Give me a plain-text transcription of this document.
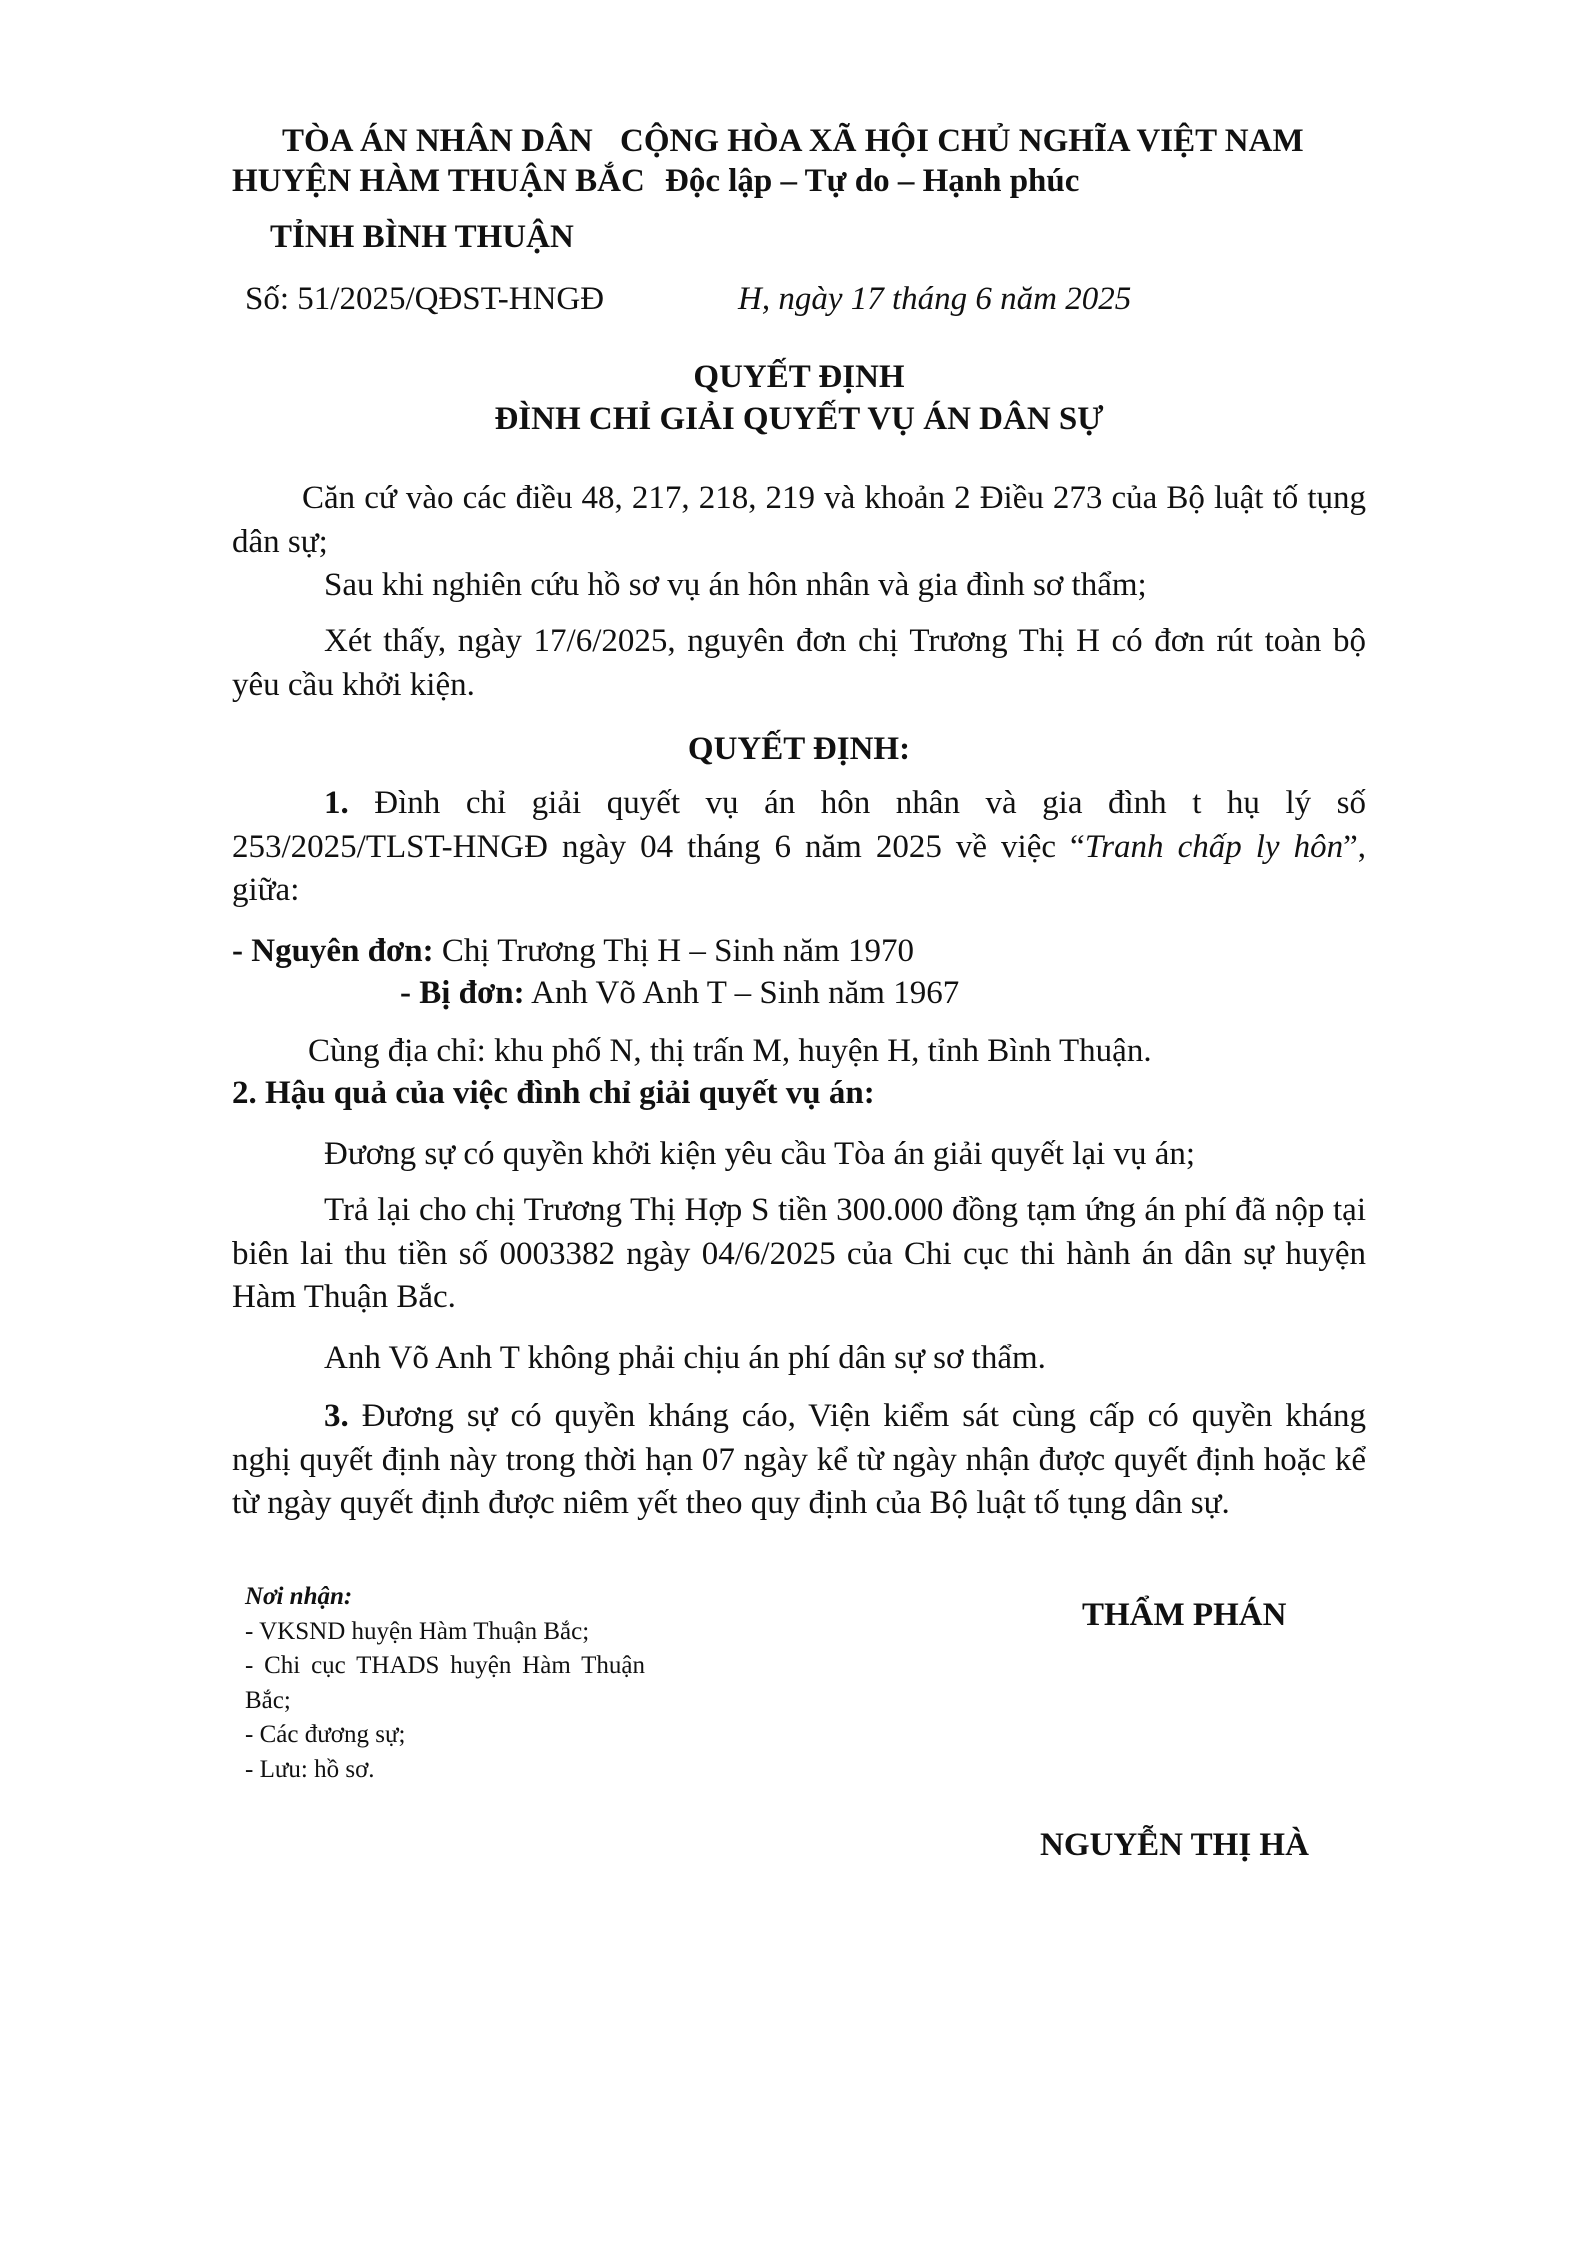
TÒA ÁN NHÂN DÂN CỘNG HÒA XÃ HỘI CHỦ NGHĨA VIỆT NAM
HUYỆN HÀM THUẬN BẮC Độc lập – Tự do – Hạnh phúc
TỈNH BÌNH THUẬN
Số: 51/2025/QĐST-HNGĐ	H, ngày 17 tháng 6 năm 2025
QUYẾT ĐỊNH
ĐÌNH CHỈ GIẢI QUYẾT VỤ ÁN DÂN SỰ
Căn cứ vào các điều 48, 217, 218, 219 và khoản 2 Điều 273 của Bộ luật tố tụng dân sự;
Sau khi nghiên cứu hồ sơ vụ án hôn nhân và gia đình sơ thẩm;
Xét thấy, ngày 17/6/2025, nguyên đơn chị Trương Thị H có đơn rút toàn bộ yêu cầu khởi kiện.
QUYẾT ĐỊNH:
1. Đình chỉ giải quyết vụ án hôn nhân và gia đình t hụ lý số 253/2025/TLST-HNGĐ ngày 04 tháng 6 năm 2025 về việc “Tranh chấp ly hôn”, giữa:
- Nguyên đơn: Chị Trương Thị H – Sinh năm 1970
- Bị đơn: Anh Võ Anh T – Sinh năm 1967
Cùng địa chỉ: khu phố N, thị trấn M, huyện H, tỉnh Bình Thuận.
2. Hậu quả của việc đình chỉ giải quyết vụ án:
Đương sự có quyền khởi kiện yêu cầu Tòa án giải quyết lại vụ án;
Trả lại cho chị Trương Thị Hợp S tiền 300.000 đồng tạm ứng án phí đã nộp tại biên lai thu tiền số 0003382 ngày 04/6/2025 của Chi cục thi hành án dân sự huyện Hàm Thuận Bắc.
Anh Võ Anh T không phải chịu án phí dân sự sơ thẩm.
3. Đương sự có quyền kháng cáo, Viện kiểm sát cùng cấp có quyền kháng nghị quyết định này trong thời hạn 07 ngày kể từ ngày nhận được quyết định hoặc kể từ ngày quyết định được niêm yết theo quy định của Bộ luật tố tụng dân sự.
Nơi nhận:
- VKSND huyện Hàm Thuận Bắc;
- Chi cục THADS huyện Hàm Thuận Bắc;
- Các đương sự;
- Lưu: hồ sơ.
THẨM PHÁN
NGUYỄN THỊ HÀ
